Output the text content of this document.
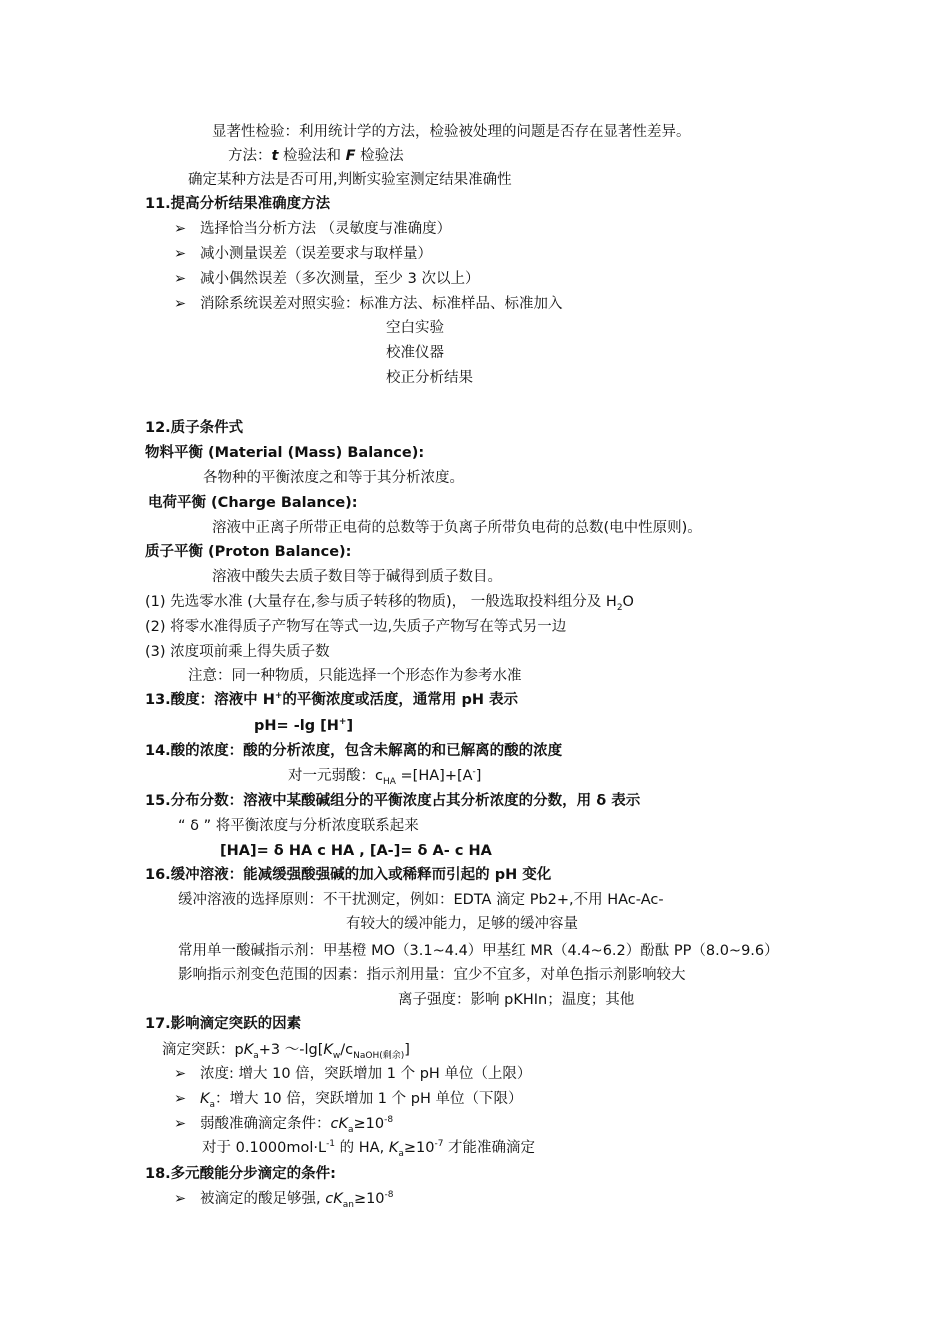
显著性检验：利用统计学的方法，检验被处理的问题是否存在显著性差异。
方法：t 检验法和 F 检验法
确定某种方法是否可用,判断实验室测定结果准确性
11.提高分析结果准确度方法
➢ 选择恰当分析方法 （灵敏度与准确度）
➢ 减小测量误差（误差要求与取样量）
➢ 减小偶然误差（多次测量，至少 3 次以上）
➢ 消除系统误差对照实验：标准方法、标准样品、标准加入
空白实验
校准仪器
校正分析结果
12.质子条件式
物料平衡 (Material (Mass) Balance):
各物种的平衡浓度之和等于其分析浓度。
电荷平衡 (Charge Balance):
溶液中正离子所带正电荷的总数等于负离子所带负电荷的总数(电中性原则)。
质子平衡 (Proton Balance):
溶液中酸失去质子数目等于碱得到质子数目。
(1) 先选零水准 (大量存在,参与质子转移的物质)， 一般选取投料组分及 $H_2O$
(2) 将零水准得质子产物写在等式一边,失质子产物写在等式另一边
(3) 浓度项前乘上得失质子数
注意：同一种物质，只能选择一个形态作为参考水准
13.酸度：溶液中 H+的平衡浓度或活度，通常用 pH 表示
pH= -lg [H+]
14.酸的浓度：酸的分析浓度，包含未解离的和已解离的酸的浓度
对一元弱酸：$c_{HA} =[HA]+[A^-]$
15.分布分数：溶液中某酸碱组分的平衡浓度占其分析浓度的分数，用 δ 表示
“ δ ” 将平衡浓度与分析浓度联系起来
[HA]= δ HA c HA , [A-]= δ A- c HA
16.缓冲溶液：能减缓强酸强碱的加入或稀释而引起的 pH 变化
缓冲溶液的选择原则：不干扰测定，例如：EDTA 滴定 Pb2+,不用 HAc-Ac-
有较大的缓冲能力，足够的缓冲容量
常用单一酸碱指示剂：甲基橙 MO（3.1~4.4）甲基红 MR（4.4~6.2）酚酞 PP（8.0~9.6）
影响指示剂变色范围的因素：指示剂用量：宜少不宜多，对单色指示剂影响较大
离子强度：影响 pKHIn；温度；其他
17.影响滴定突跃的因素
滴定突跃：$pK_a+3$ $\sim-\lg[K_w/c_{NaOH(剩余)}]$
➢ 浓度: 增大 10 倍，突跃增加 1 个 pH 单位（上限）
➢ $K_a$：增大 10 倍，突跃增加 1 个 pH 单位（下限）
➢ 弱酸准确滴定条件：$cK_a\ge 10^{-8}$
对于 $0.1000mol\cdot L^{-1}$ 的 HA, $K_a\ge 10^{-7}$ 才能准确滴定
18.多元酸能分步滴定的条件:
➢ 被滴定的酸足够强, $cK_{an}\ge 10^{-8}$
